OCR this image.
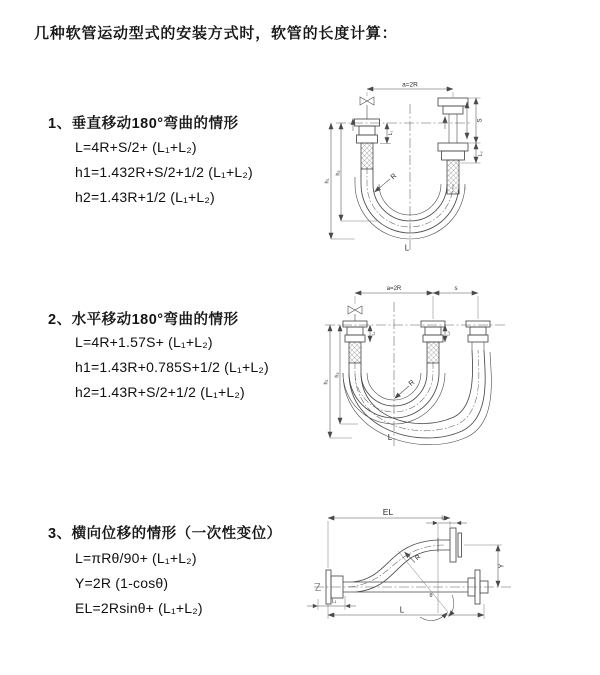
几种软管运动型式的安装方式时，软管的长度计算：
1、垂直移动180°弯曲的情形
L=4R+S/2+ (L₁+L₂)
h1=1.432R+S/2+1/2 (L₁+L₂)
h2=1.43R+1/2 (L₁+L₂)
2、水平移动180°弯曲的情形
L=4R+1.57S+ (L₁+L₂)
h1=1.43R+0.785S+1/2 (L₁+L₂)
h2=1.43R+S/2+1/2 (L₁+L₂)
3、横向位移的情形（一次性变位）
L=πRθ/90+ (L₁+L₂)
Y=2R (1-cosθ)
EL=2Rsinθ+ (L₁+L₂)
a=2R
S
L₂
L₁
h₁
h₂	R
L
a=2R	s
h₁
h₂
L₁	L₂
R
L
EL
L₂
Y
L
L₁
R
θ
